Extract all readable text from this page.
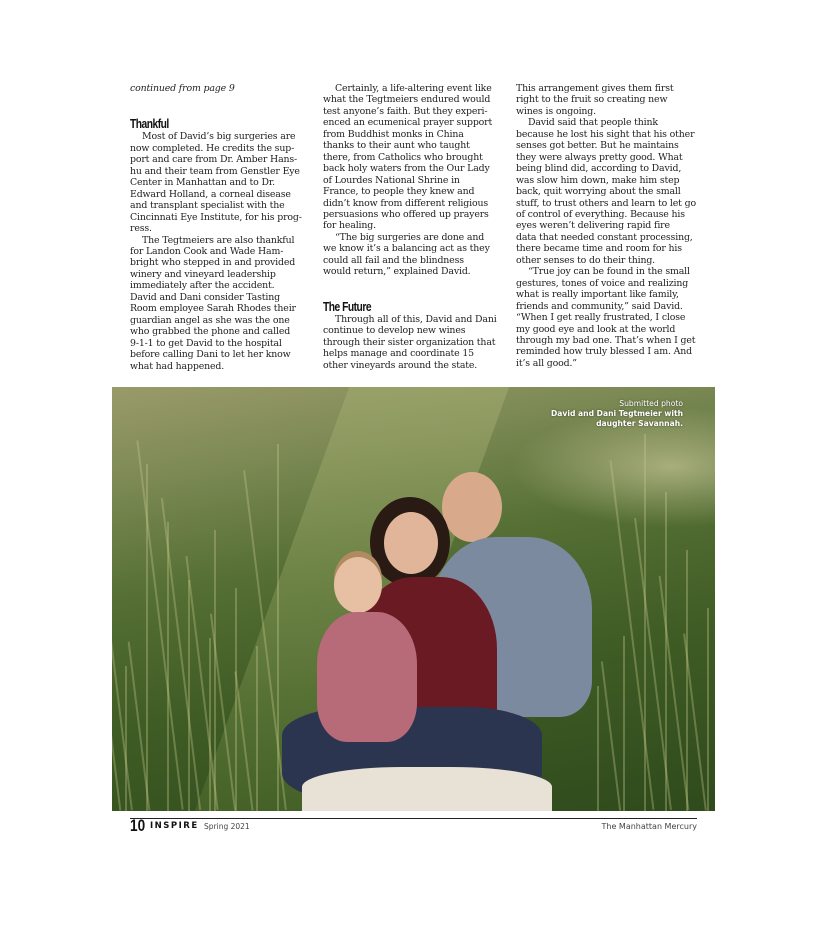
continued from page 9
Thankful
Most of David’s big surgeries are
now completed. He credits the sup-
port and care from Dr. Amber Hans-
hu and their team from Genstler Eye
Center in Manhattan and to Dr.
Edward Holland, a corneal disease
and transplant specialist with the
Cincinnati Eye Institute, for his prog-
ress.
The Tegtmeiers are also thankful
for Landon Cook and Wade Ham-
bright who stepped in and provided
winery and vineyard leadership
immediately after the accident.
David and Dani consider Tasting
Room employee Sarah Rhodes their
guardian angel as she was the one
who grabbed the phone and called
9-1-1 to get David to the hospital
before calling Dani to let her know
what had happened.
Certainly, a life-altering event like
what the Tegtmeiers endured would
test anyone’s faith. But they experi-
enced an ecumenical prayer support
from Buddhist monks in China
thanks to their aunt who taught
there, from Catholics who brought
back holy waters from the Our Lady
of Lourdes National Shrine in
France, to people they knew and
didn’t know from different religious
persuasions who offered up prayers
for healing.
“The big surgeries are done and
we know it’s a balancing act as they
could all fail and the blindness
would return,” explained David.
The Future
Through all of this, David and Dani
continue to develop new wines
through their sister organization that
helps manage and coordinate 15
other vineyards around the state.
This arrangement gives them first
right to the fruit so creating new
wines is ongoing.
David said that people think
because he lost his sight that his other
senses got better. But he maintains
they were always pretty good. What
being blind did, according to David,
was slow him down, make him step
back, quit worrying about the small
stuff, to trust others and learn to let go
of control of everything. Because his
eyes weren’t delivering rapid fire
data that needed constant processing,
there became time and room for his
other senses to do their thing.
“True joy can be found in the small
gestures, tones of voice and realizing
what is really important like family,
friends and community,” said David.
“When I get really frustrated, I close
my good eye and look at the world
through my bad one. That’s when I get
reminded how truly blessed I am. And
it’s all good.”
Submitted photo
David and Dani Tegtmeier with
daughter Savannah.
10 INSPIRE Spring 2021	The Manhattan Mercury
